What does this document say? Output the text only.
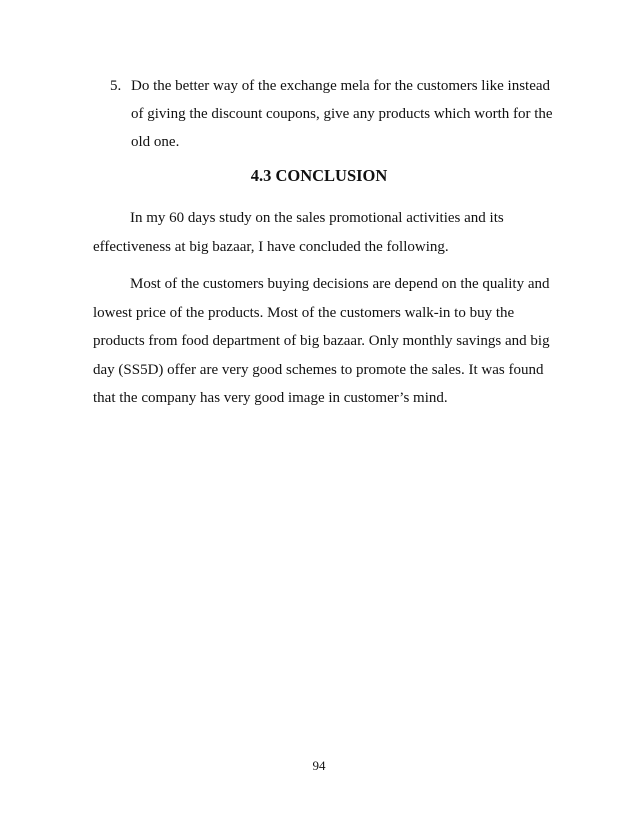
5. Do the better way of the exchange mela for the customers like instead of giving the discount coupons, give any products which worth for the old one.
4.3 CONCLUSION

In my 60 days study on the sales promotional activities and its effectiveness at big bazaar, I have concluded the following.

Most of the customers buying decisions are depend on the quality and lowest price of the products. Most of the customers walk-in to buy the products from food department of big bazaar. Only monthly savings and big day (SS5D) offer are very good schemes to promote the sales. It was found that the company has very good image in customer’s mind.

94
